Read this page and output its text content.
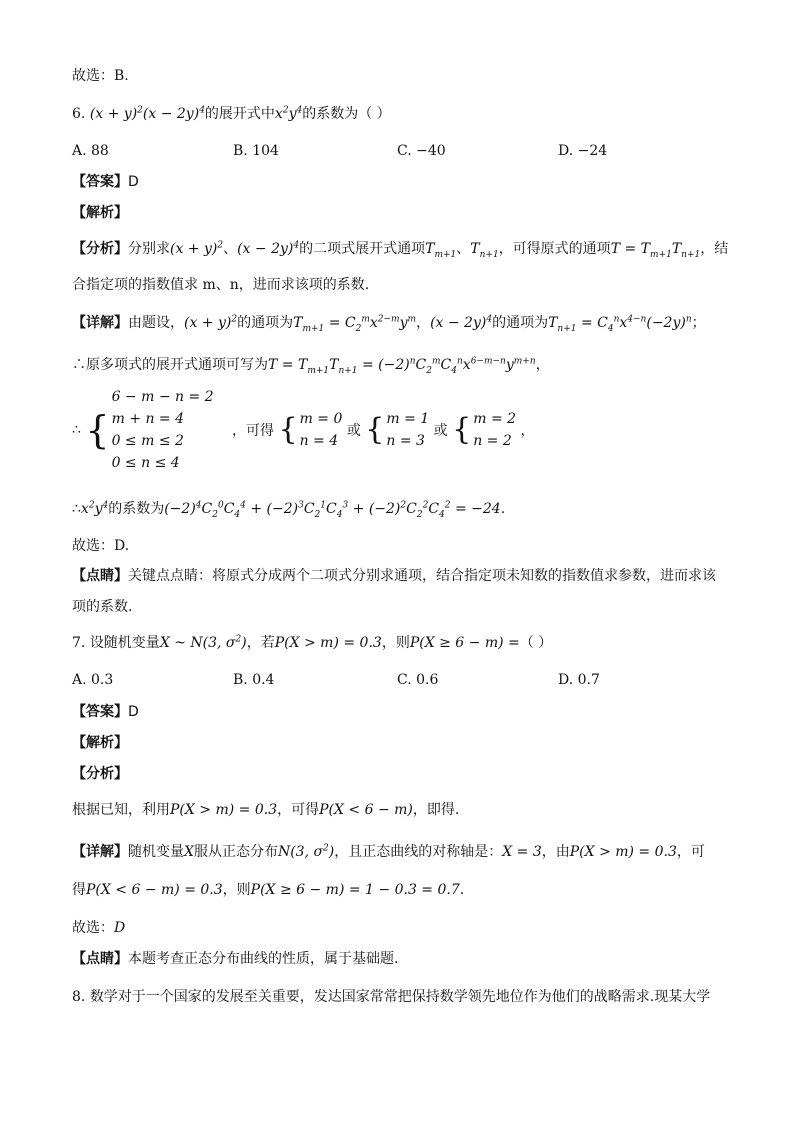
故选：B.
6. $(x + y)^2(x - 2y)^4$的展开式中$x^2y^4$的系数为（ ）
A. 88	B. 104	C. −40	D. −24
【答案】D
【解析】
【分析】分别求$(x + y)^2$、$(x - 2y)^4$的二项式展开式通项$T_{m+1}$、$T_{n+1}$，可得原式的通项$T = T_{m+1}T_{n+1}$，结
合指定项的指数值求 m、n，进而求该项的系数.
【详解】由题设，$(x + y)^2$的通项为$T_{m+1} = C_2^mx^{2-m}y^m$，$(x - 2y)^4$的通项为$T_{n+1} = C_4^nx^{4-n}(-2y)^n$；
∴原多项式的展开式通项可写为$T = T_{m+1}T_{n+1} = (-2)^nC_2^mC_4^nx^{6-m-n}y^{m+n}$，
∴ {
6 − m − n = 2
m + n = 4
0 ≤ m ≤ 2
0 ≤ n ≤ 4
，可得 { m = 0
n = 4
或 { m = 1
n = 3
或 { m = 2
n = 2
，
$\therefore x^2y^4$的系数为$(-2)^4C_2^0C_4^4 + (-2)^3C_2^1C_4^3 + (-2)^2C_2^2C_4^2 = -24$.
故选：D.
【点睛】关键点点睛：将原式分成两个二项式分别求通项，结合指定项未知数的指数值求参数，进而求该
项的系数.
7. 设随机变量X ~ N(3, $\sigma^2$)，若P(X > m) = 0.3，则P(X ≥ 6 − m) =（ ）
A. 0.3	B. 0.4	C. 0.6	D. 0.7
【答案】D
【解析】
【分析】
根据已知，利用P(X > m) = 0.3，可得P(X < 6 − m)，即得.
【详解】随机变量X服从正态分布N(3, $\sigma^2$)，且正态曲线的对称轴是：X = 3，由P(X > m) = 0.3，可
得P(X < 6 − m) = 0.3，则P(X ≥ 6 − m) = 1 − 0.3 = 0.7.
故选：D
【点睛】本题考查正态分布曲线的性质，属于基础题.
8. 数学对于一个国家的发展至关重要，发达国家常常把保持数学领先地位作为他们的战略需求.现某大学
